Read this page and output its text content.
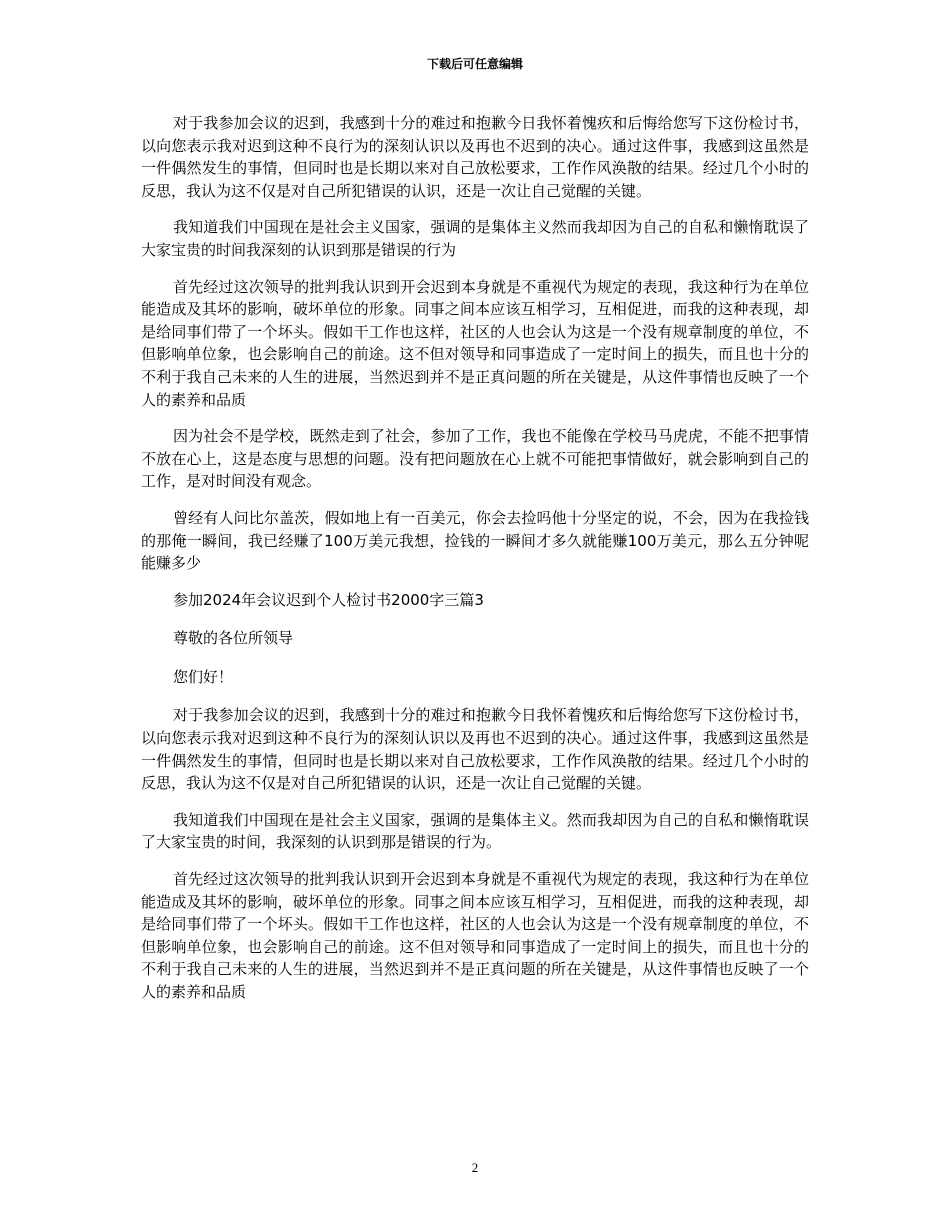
下载后可任意编辑

对于我参加会议的迟到，我感到十分的难过和抱歉今日我怀着愧疚和后悔给您写下这份检讨书，以向您表示我对迟到这种不良行为的深刻认识以及再也不迟到的决心。通过这件事，我感到这虽然是一件偶然发生的事情，但同时也是长期以来对自己放松要求，工作作风涣散的结果。经过几个小时的反思，我认为这不仅是对自己所犯错误的认识，还是一次让自己觉醒的关键。

我知道我们中国现在是社会主义国家，强调的是集体主义然而我却因为自己的自私和懒惰耽误了大家宝贵的时间我深刻的认识到那是错误的行为

首先经过这次领导的批判我认识到开会迟到本身就是不重视代为规定的表现，我这种行为在单位能造成及其坏的影响，破坏单位的形象。同事之间本应该互相学习，互相促进，而我的这种表现，却是给同事们带了一个坏头。假如干工作也这样，社区的人也会认为这是一个没有规章制度的单位，不但影响单位象，也会影响自己的前途。这不但对领导和同事造成了一定时间上的损失，而且也十分的不利于我自己未来的人生的进展，当然迟到并不是正真问题的所在关键是，从这件事情也反映了一个人的素养和品质

因为社会不是学校，既然走到了社会，参加了工作，我也不能像在学校马马虎虎，不能不把事情不放在心上，这是态度与思想的问题。没有把问题放在心上就不可能把事情做好，就会影响到自己的工作，是对时间没有观念。

曾经有人问比尔盖茨，假如地上有一百美元，你会去捡吗他十分坚定的说，不会，因为在我捡钱的那俺一瞬间，我已经赚了100万美元我想，捡钱的一瞬间才多久就能赚100万美元，那么五分钟呢能赚多少

参加2024年会议迟到个人检讨书2000字三篇3

尊敬的各位所领导

您们好！

对于我参加会议的迟到，我感到十分的难过和抱歉今日我怀着愧疚和后悔给您写下这份检讨书，以向您表示我对迟到这种不良行为的深刻认识以及再也不迟到的决心。通过这件事，我感到这虽然是一件偶然发生的事情，但同时也是长期以来对自己放松要求，工作作风涣散的结果。经过几个小时的反思，我认为这不仅是对自己所犯错误的认识，还是一次让自己觉醒的关键。

我知道我们中国现在是社会主义国家，强调的是集体主义。然而我却因为自己的自私和懒惰耽误了大家宝贵的时间，我深刻的认识到那是错误的行为。

首先经过这次领导的批判我认识到开会迟到本身就是不重视代为规定的表现，我这种行为在单位能造成及其坏的影响，破坏单位的形象。同事之间本应该互相学习，互相促进，而我的这种表现，却是给同事们带了一个坏头。假如干工作也这样，社区的人也会认为这是一个没有规章制度的单位，不但影响单位象，也会影响自己的前途。这不但对领导和同事造成了一定时间上的损失，而且也十分的不利于我自己未来的人生的进展，当然迟到并不是正真问题的所在关键是，从这件事情也反映了一个人的素养和品质

2
